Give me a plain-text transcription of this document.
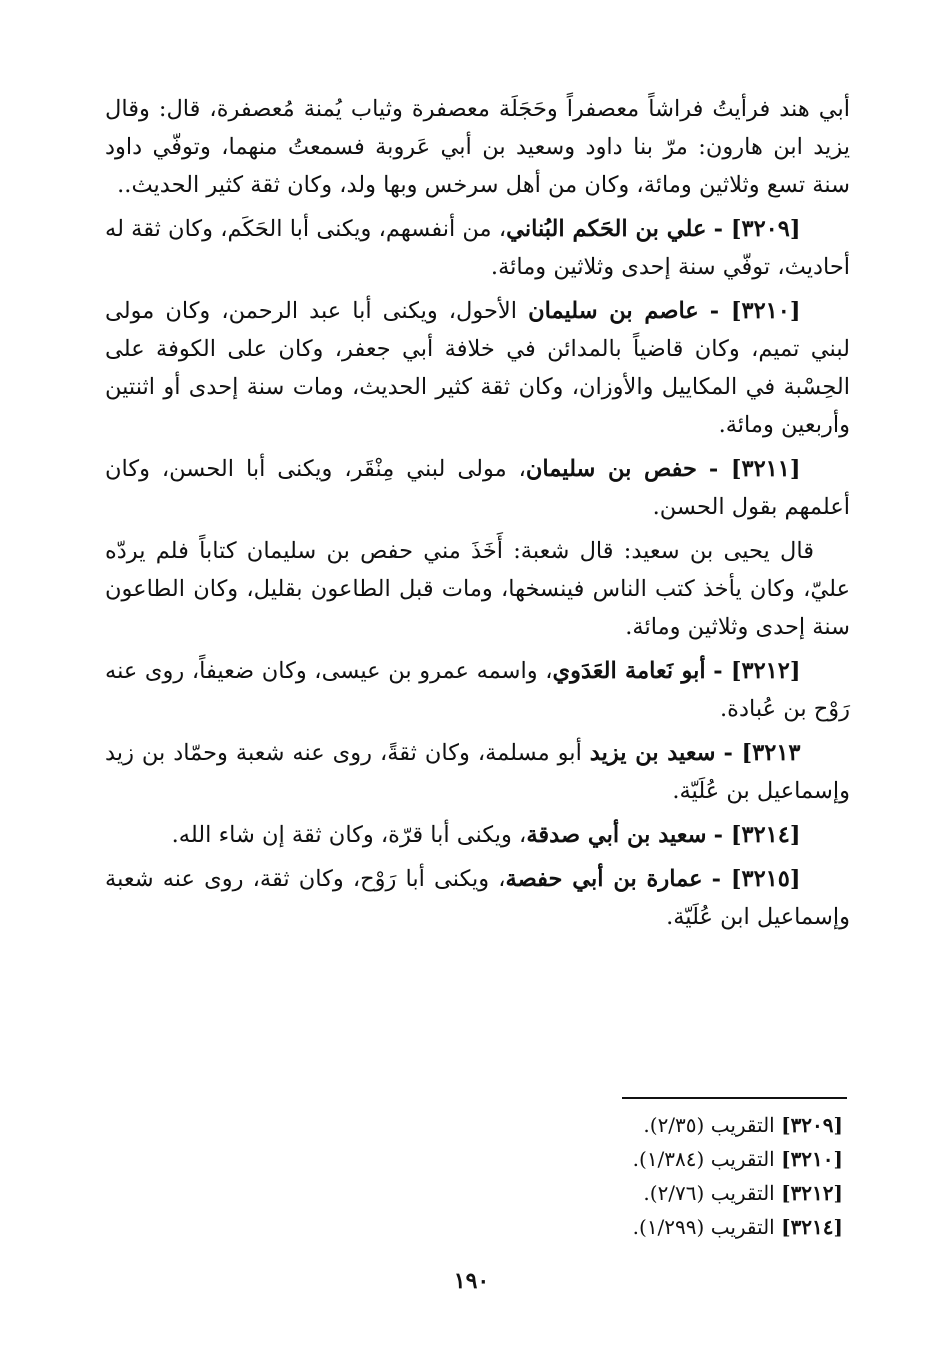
أبي هند فرأيتُ فراشاً معصفراً وحَجَلَة معصفرة وثياب يُمنة مُعصفرة، قال: وقال يزيد ابن هارون: مرّ بنا داود وسعيد بن أبي عَروبة فسمعتُ منهما، وتوفّي داود سنة تسع وثلاثين ومائة، وكان من أهل سرخس وبها ولد، وكان ثقة كثير الحديث..

[٣٢٠٩] - علي بن الحَكم البُناني، من أنفسهم، ويكنى أبا الحَكَم، وكان ثقة له أحاديث، توفّي سنة إحدى وثلاثين ومائة.

[٣٢١٠] - عاصم بن سليمان الأحول، ويكنى أبا عبد الرحمن، وكان مولى لبني تميم، وكان قاضياً بالمدائن في خلافة أبي جعفر، وكان على الكوفة على الحِسْبة في المكاييل والأوزان، وكان ثقة كثير الحديث، ومات سنة إحدى أو اثنتين وأربعين ومائة.

[٣٢١١] - حفص بن سليمان، مولى لبني مِنْقَر، ويكنى أبا الحسن، وكان أعلمهم بقول الحسن.

قال يحيى بن سعيد: قال شعبة: أَخَذَ مني حفص بن سليمان كتاباً فلم يردّه عليّ، وكان يأخذ كتب الناس فينسخها، ومات قبل الطاعون بقليل، وكان الطاعون سنة إحدى وثلاثين ومائة.

[٣٢١٢] - أبو نَعامة العَدَوي، واسمه عمرو بن عيسى، وكان ضعيفاً، روى عنه رَوْح بن عُبادة.

٣٢١٣] - سعيد بن يزيد أبو مسلمة، وكان ثقةً، روى عنه شعبة وحمّاد بن زيد وإسماعيل بن عُلَيّة.

[٣٢١٤] - سعيد بن أبي صدقة، ويكنى أبا قرّة، وكان ثقة إن شاء الله.

[٣٢١٥] - عمارة بن أبي حفصة، ويكنى أبا رَوْح، وكان ثقة، روى عنه شعبة وإسماعيل ابن عُلَيّة.

[٣٢٠٩] التقريب (٢/٣٥).

[٣٢١٠] التقريب (١/٣٨٤).

[٣٢١٢] التقريب (٢/٧٦).

[٣٢١٤] التقريب (١/٢٩٩).

١٩٠
